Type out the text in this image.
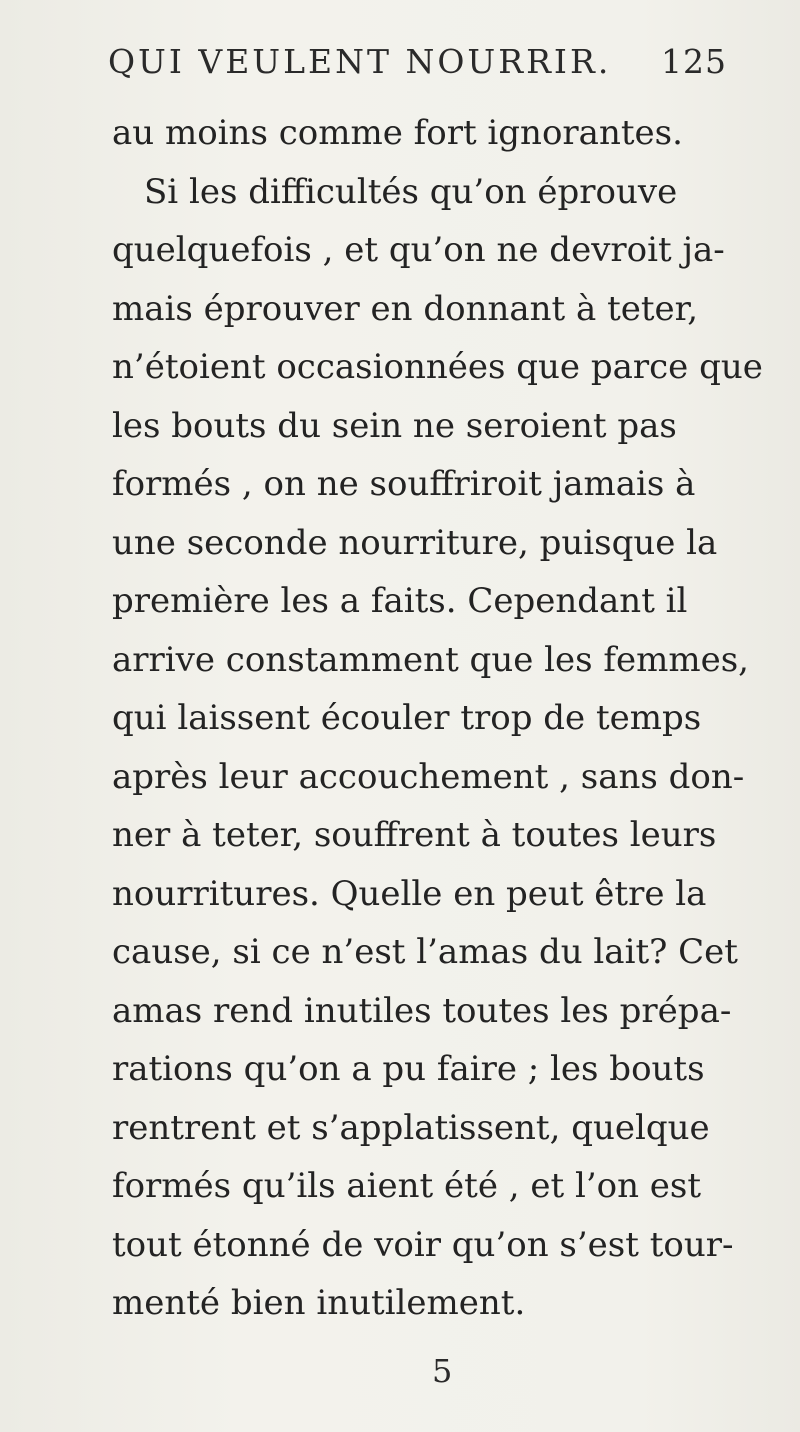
QUI VEULENT NOURRIR. 125
au moins comme fort ignorantes.
Si les difficultés qu’on éprouve
quelquefois , et qu’on ne devroit ja-
mais éprouver en donnant à teter,
n’étoient occasionnées que parce que
les bouts du sein ne seroient pas
formés , on ne souffriroit jamais à
une seconde nourriture, puisque la
première les a faits. Cependant il
arrive constamment que les femmes,
qui laissent écouler trop de temps
après leur accouchement , sans don-
ner à teter, souffrent à toutes leurs
nourritures. Quelle en peut être la
cause, si ce n’est l’amas du lait? Cet
amas rend inutiles toutes les prépa-
rations qu’on a pu faire ; les bouts
rentrent et s’applatissent, quelque
formés qu’ils aient été , et l’on est
tout étonné de voir qu’on s’est tour-
menté bien inutilement.
5
